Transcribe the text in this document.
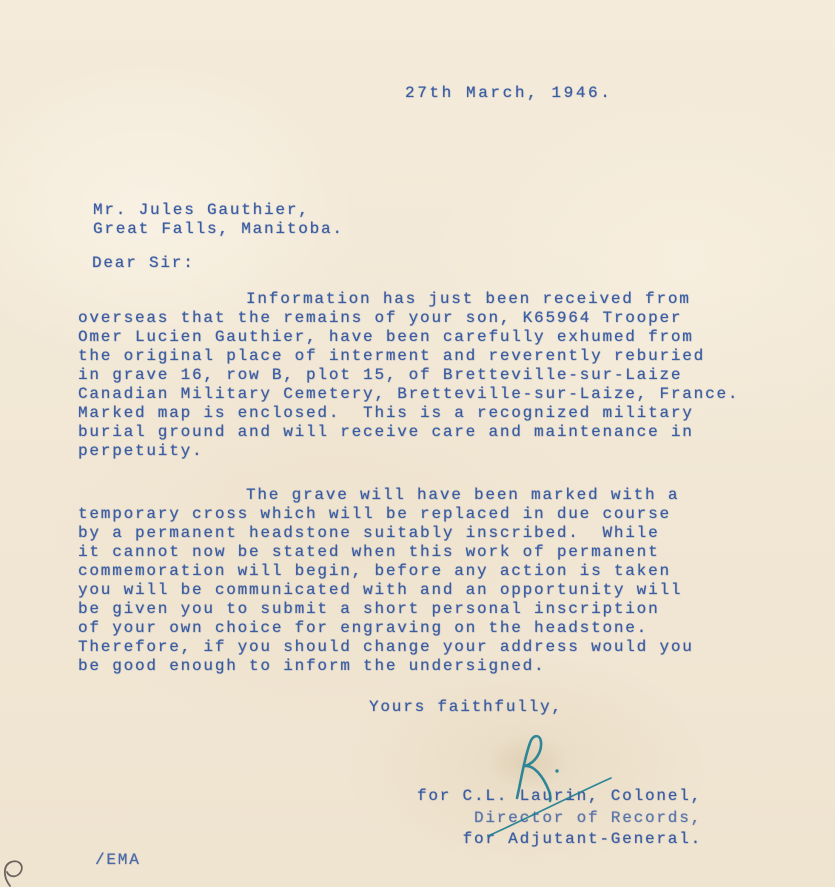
27th March, 1946.
Mr. Jules Gauthier,
Great Falls, Manitoba.
Dear Sir:
Information has just been received from
overseas that the remains of your son, K65964 Trooper
Omer Lucien Gauthier, have been carefully exhumed from
the original place of interment and reverently reburied
in grave 16, row B, plot 15, of Bretteville-sur-Laize
Canadian Military Cemetery, Bretteville-sur-Laize, France.
Marked map is enclosed.  This is a recognized military
burial ground and will receive care and maintenance in
perpetuity.
The grave will have been marked with a
temporary cross which will be replaced in due course
by a permanent headstone suitably inscribed.  While
it cannot now be stated when this work of permanent
commemoration will begin, before any action is taken
you will be communicated with and an opportunity will
be given you to submit a short personal inscription
of your own choice for engraving on the headstone.
Therefore, if you should change your address would you
be good enough to inform the undersigned.
Yours faithfully,
for C.L. Laurin, Colonel,
Director of Records,
for Adjutant-General.
/EMA
